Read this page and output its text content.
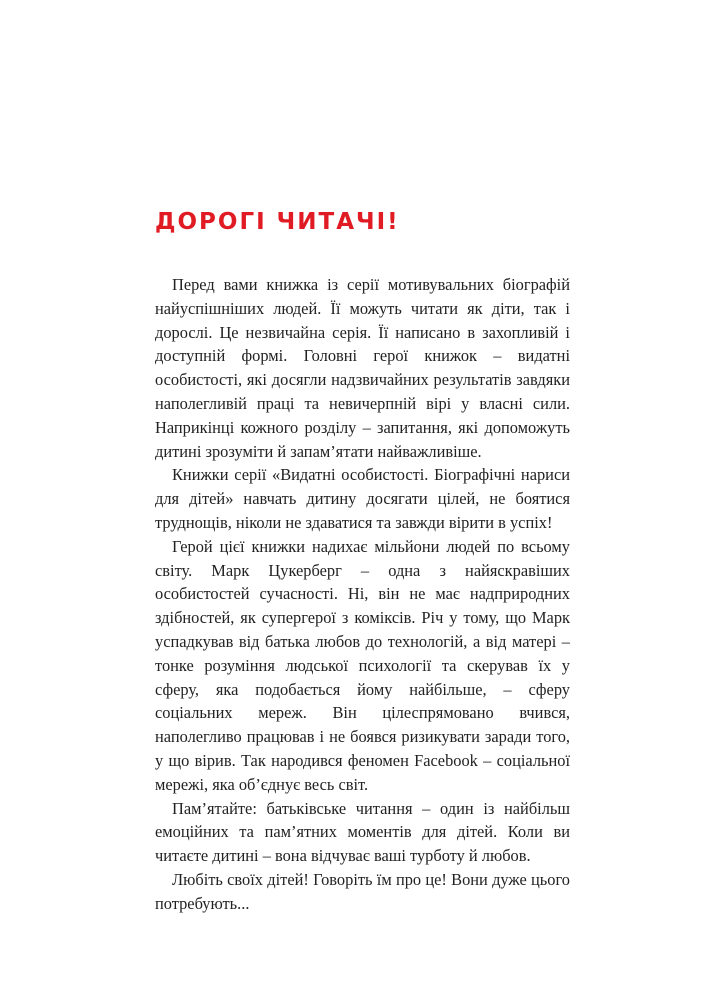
ДОРОГІ ЧИТАЧІ!

Перед вами книжка із серії мотивувальних біографій найуспішніших людей. Її можуть читати як діти, так і дорослі. Це незвичайна серія. Її написано в захопливій і доступній формі. Головні герої книжок – видатні особистості, які досягли надзвичайних результатів завдяки наполегливій праці та невичерпній вірі у власні сили. Наприкінці кожного розділу – запитання, які допоможуть дитині зрозуміти й запам’ятати найважливіше.

Книжки серії «Видатні особистості. Біографічні нариси для дітей» навчать дитину досягати цілей, не боятися труднощів, ніколи не здаватися та завжди вірити в успіх!

Герой цієї книжки надихає мільйони людей по всьому світу. Марк Цукерберг – одна з найяскравіших особистостей сучасності. Ні, він не має надприродних здібностей, як супергерої з коміксів. Річ у тому, що Марк успадкував від батька любов до технологій, а від матері – тонке розуміння людської психології та скерував їх у сферу, яка подобається йому найбільше, – сферу соціальних мереж. Він цілеспрямовано вчився, наполегливо працював і не боявся ризикувати заради того, у що вірив. Так народився феномен Facebook – соціальної мережі, яка об’єднує весь світ.

Пам’ятайте: батьківське читання – один із найбільш емоційних та пам’ятних моментів для дітей. Коли ви читаєте дитині – вона відчуває ваші турботу й любов.

Любіть своїх дітей! Говоріть їм про це! Вони дуже цього потребують...
